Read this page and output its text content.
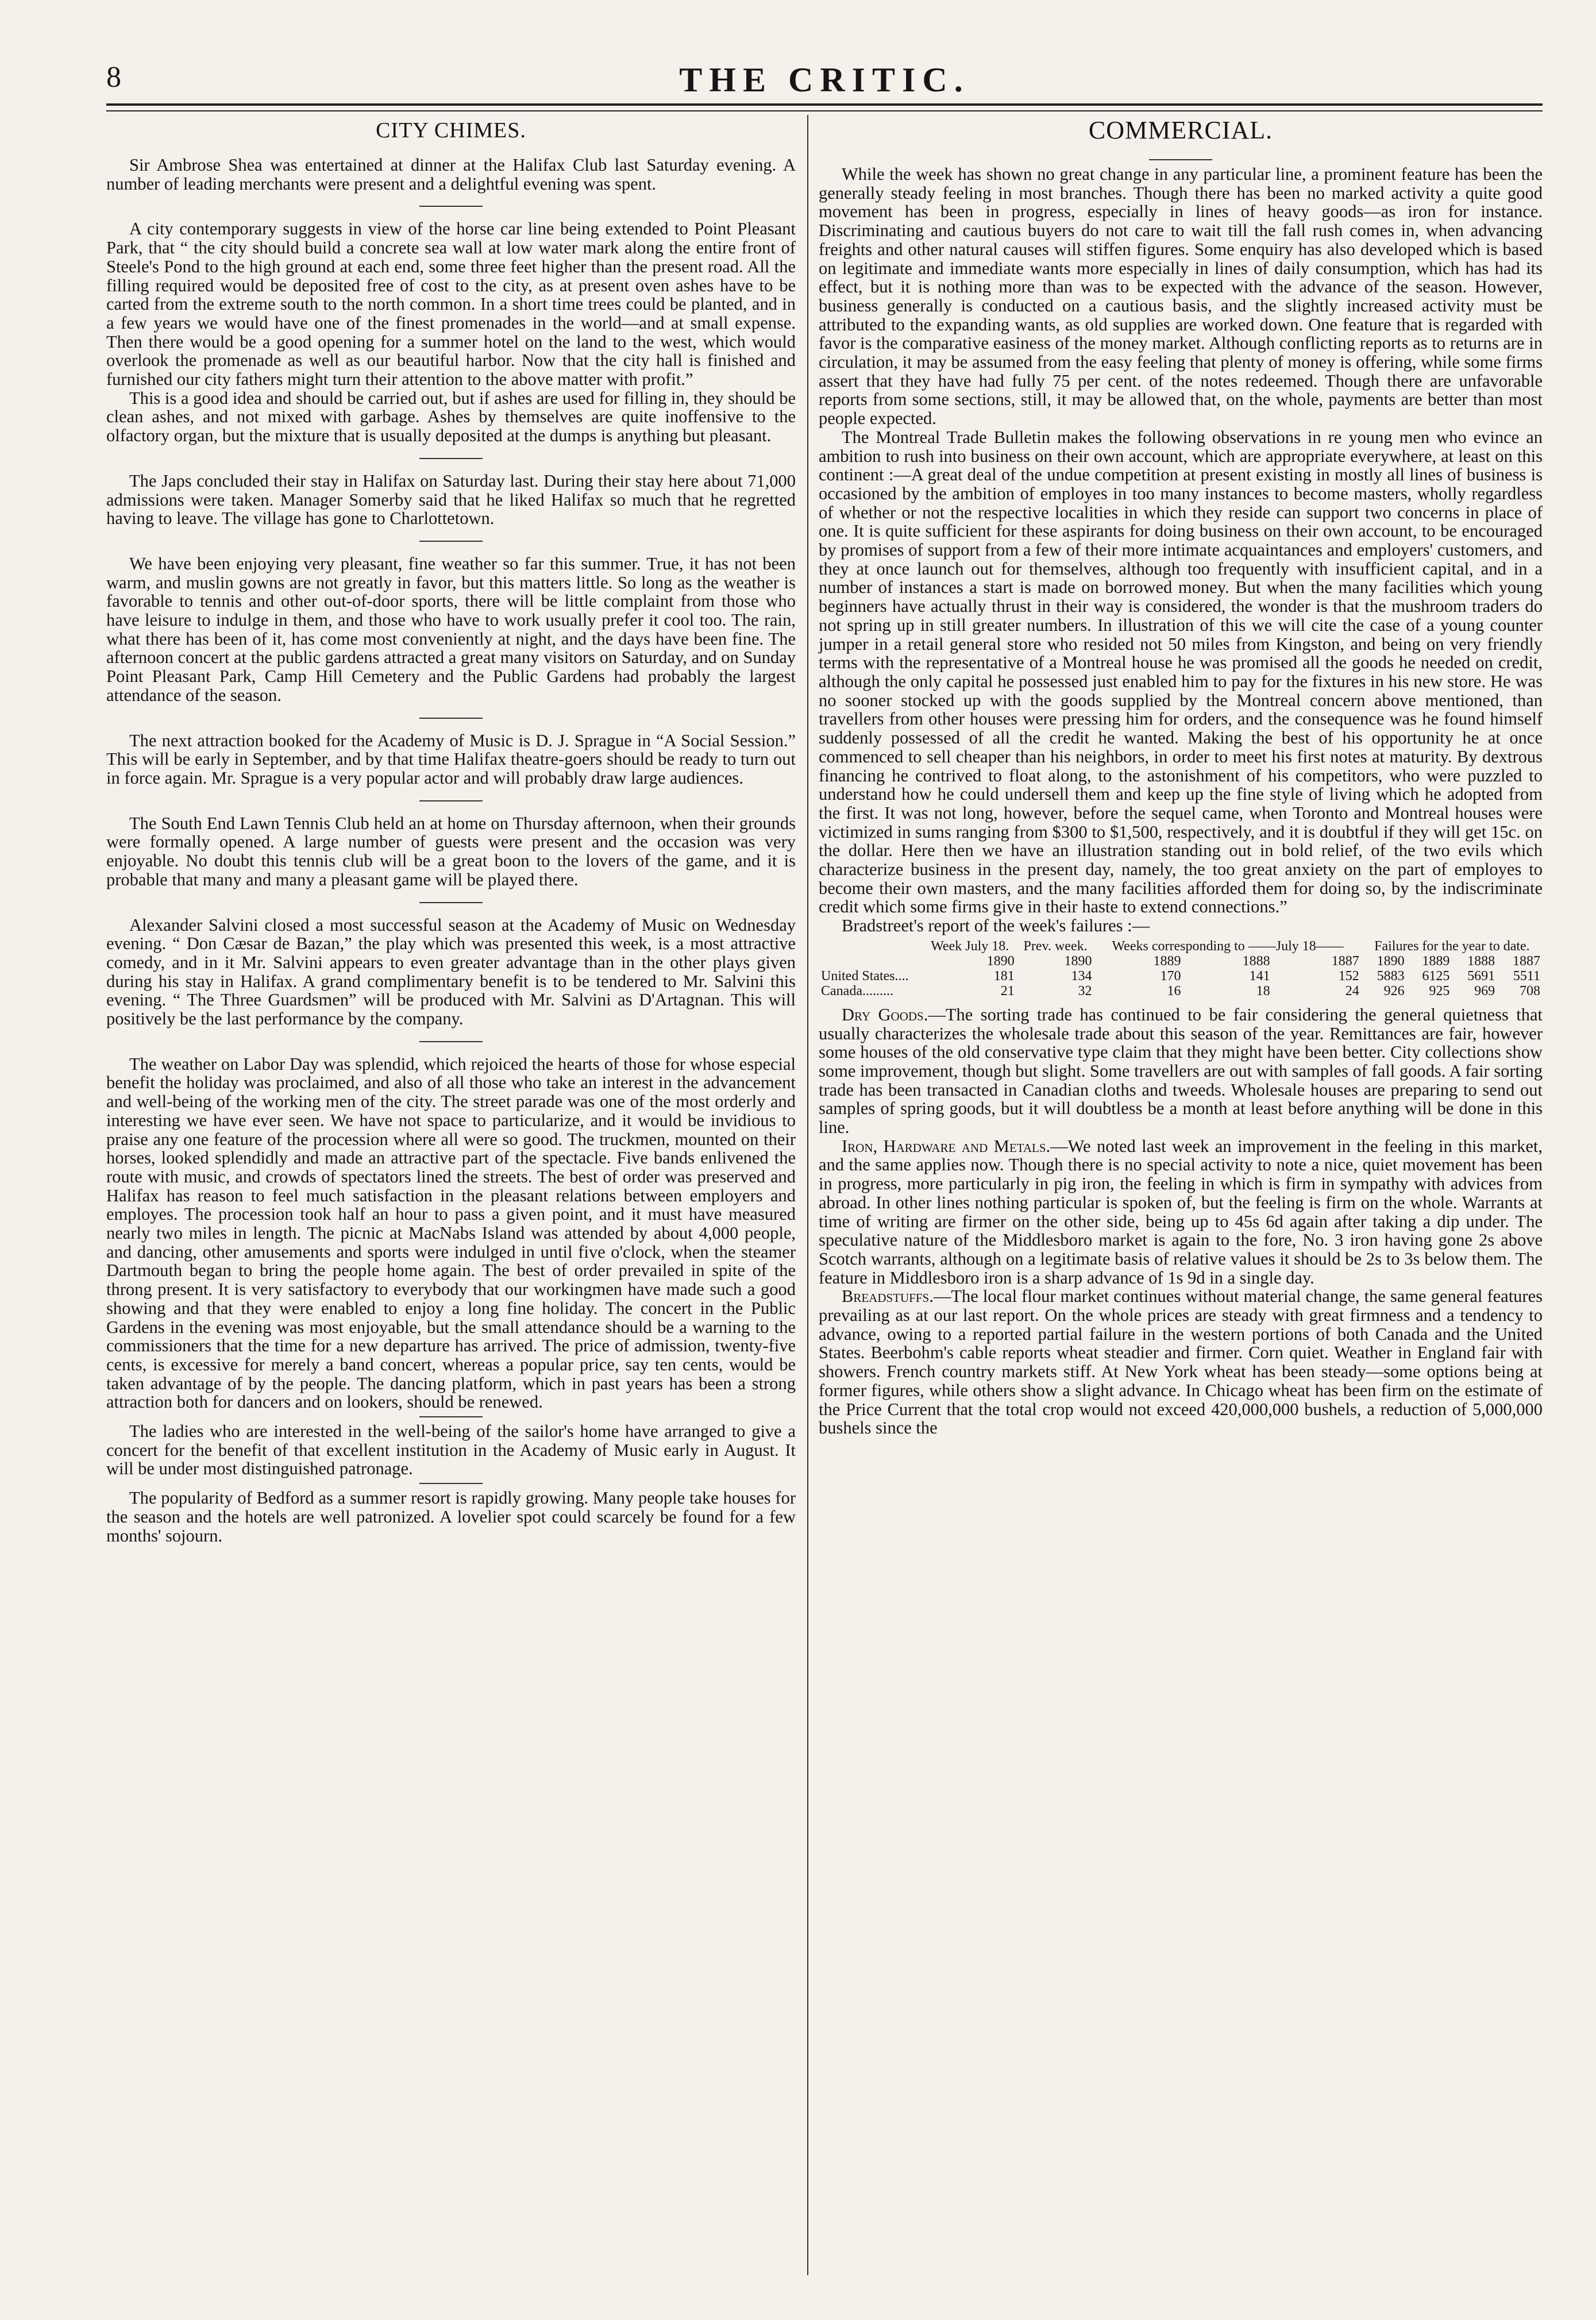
8	THE CRITIC.
CITY CHIMES.

Sir Ambrose Shea was entertained at dinner at the Halifax Club last Saturday evening. A number of leading merchants were present and a delightful evening was spent.

A city contemporary suggests in view of the horse car line being extended to Point Pleasant Park, that “ the city should build a concrete sea wall at low water mark along the entire front of Steele's Pond to the high ground at each end, some three feet higher than the present road. All the filling required would be deposited free of cost to the city, as at present oven ashes have to be carted from the extreme south to the north common. In a short time trees could be planted, and in a few years we would have one of the finest promenades in the world—and at small expense. Then there would be a good opening for a summer hotel on the land to the west, which would overlook the promenade as well as our beautiful harbor. Now that the city hall is finished and furnished our city fathers might turn their attention to the above matter with profit.”

This is a good idea and should be carried out, but if ashes are used for filling in, they should be clean ashes, and not mixed with garbage. Ashes by themselves are quite inoffensive to the olfactory organ, but the mixture that is usually deposited at the dumps is anything but pleasant.

The Japs concluded their stay in Halifax on Saturday last. During their stay here about 71,000 admissions were taken. Manager Somerby said that he liked Halifax so much that he regretted having to leave. The village has gone to Charlottetown.

We have been enjoying very pleasant, fine weather so far this summer. True, it has not been warm, and muslin gowns are not greatly in favor, but this matters little. So long as the weather is favorable to tennis and other out-of-door sports, there will be little complaint from those who have leisure to indulge in them, and those who have to work usually prefer it cool too. The rain, what there has been of it, has come most conveniently at night, and the days have been fine. The afternoon concert at the public gardens attracted a great many visitors on Saturday, and on Sunday Point Pleasant Park, Camp Hill Cemetery and the Public Gardens had probably the largest attendance of the season.

The next attraction booked for the Academy of Music is D. J. Sprague in “A Social Session.” This will be early in September, and by that time Halifax theatre-goers should be ready to turn out in force again. Mr. Sprague is a very popular actor and will probably draw large audiences.

The South End Lawn Tennis Club held an at home on Thursday afternoon, when their grounds were formally opened. A large number of guests were present and the occasion was very enjoyable. No doubt this tennis club will be a great boon to the lovers of the game, and it is probable that many and many a pleasant game will be played there.

Alexander Salvini closed a most successful season at the Academy of Music on Wednesday evening. “ Don Cæsar de Bazan,” the play which was presented this week, is a most attractive comedy, and in it Mr. Salvini appears to even greater advantage than in the other plays given during his stay in Halifax. A grand complimentary benefit is to be tendered to Mr. Salvini this evening. “ The Three Guardsmen” will be produced with Mr. Salvini as D'Artagnan. This will positively be the last performance by the company.

The weather on Labor Day was splendid, which rejoiced the hearts of those for whose especial benefit the holiday was proclaimed, and also of all those who take an interest in the advancement and well-being of the working men of the city. The street parade was one of the most orderly and interesting we have ever seen. We have not space to particularize, and it would be invidious to praise any one feature of the procession where all were so good. The truckmen, mounted on their horses, looked splendidly and made an attractive part of the spectacle. Five bands enlivened the route with music, and crowds of spectators lined the streets. The best of order was preserved and Halifax has reason to feel much satisfaction in the pleasant relations between employers and employes. The procession took half an hour to pass a given point, and it must have measured nearly two miles in length. The picnic at MacNabs Island was attended by about 4,000 people, and dancing, other amusements and sports were indulged in until five o'clock, when the steamer Dartmouth began to bring the people home again. The best of order prevailed in spite of the throng present. It is very satisfactory to everybody that our workingmen have made such a good showing and that they were enabled to enjoy a long fine holiday. The concert in the Public Gardens in the evening was most enjoyable, but the small attendance should be a warning to the commissioners that the time for a new departure has arrived. The price of admission, twenty-five cents, is excessive for merely a band concert, whereas a popular price, say ten cents, would be taken advantage of by the people. The dancing platform, which in past years has been a strong attraction both for dancers and on lookers, should be renewed.

The ladies who are interested in the well-being of the sailor's home have arranged to give a concert for the benefit of that excellent institution in the Academy of Music early in August. It will be under most distinguished patronage.

The popularity of Bedford as a summer resort is rapidly growing. Many people take houses for the season and the hotels are well patronized. A lovelier spot could scarcely be found for a few months' sojourn.

COMMERCIAL.

While the week has shown no great change in any particular line, a prominent feature has been the generally steady feeling in most branches. Though there has been no marked activity a quite good movement has been in progress, especially in lines of heavy goods—as iron for instance. Discriminating and cautious buyers do not care to wait till the fall rush comes in, when advancing freights and other natural causes will stiffen figures. Some enquiry has also developed which is based on legitimate and immediate wants more especially in lines of daily consumption, which has had its effect, but it is nothing more than was to be expected with the advance of the season. However, business generally is conducted on a cautious basis, and the slightly increased activity must be attributed to the expanding wants, as old supplies are worked down. One feature that is regarded with favor is the comparative easiness of the money market. Although conflicting reports as to returns are in circulation, it may be assumed from the easy feeling that plenty of money is offering, while some firms assert that they have had fully 75 per cent. of the notes redeemed. Though there are unfavorable reports from some sections, still, it may be allowed that, on the whole, payments are better than most people expected.

The Montreal Trade Bulletin makes the following observations in re young men who evince an ambition to rush into business on their own account, which are appropriate everywhere, at least on this continent :—A great deal of the undue competition at present existing in mostly all lines of business is occasioned by the ambition of employes in too many instances to become masters, wholly regardless of whether or not the respective localities in which they reside can support two concerns in place of one. It is quite sufficient for these aspirants for doing business on their own account, to be encouraged by promises of support from a few of their more intimate acquaintances and employers' customers, and they at once launch out for themselves, although too frequently with insufficient capital, and in a number of instances a start is made on borrowed money. But when the many facilities which young beginners have actually thrust in their way is considered, the wonder is that the mushroom traders do not spring up in still greater numbers. In illustration of this we will cite the case of a young counter jumper in a retail general store who resided not 50 miles from Kingston, and being on very friendly terms with the representative of a Montreal house he was promised all the goods he needed on credit, although the only capital he possessed just enabled him to pay for the fixtures in his new store. He was no sooner stocked up with the goods supplied by the Montreal concern above mentioned, than travellers from other houses were pressing him for orders, and the consequence was he found himself suddenly possessed of all the credit he wanted. Making the best of his opportunity he at once commenced to sell cheaper than his neighbors, in order to meet his first notes at maturity. By dextrous financing he contrived to float along, to the astonishment of his competitors, who were puzzled to understand how he could undersell them and keep up the fine style of living which he adopted from the first. It was not long, however, before the sequel came, when Toronto and Montreal houses were victimized in sums ranging from $300 to $1,500, respectively, and it is doubtful if they will get 15c. on the dollar. Here then we have an illustration standing out in bold relief, of the two evils which characterize business in the present day, namely, the too great anxiety on the part of employes to become their own masters, and the many facilities afforded them for doing so, by the indiscriminate credit which some firms give in their haste to extend connections.”

Bradstreet's report of the week's failures :—

	Week July 18.	Prev. week.	Weeks corresponding to ——July 18——			Failures for the year to date.			
	1890	1890	1889	1888	1887	1890	1889	1888	1887
United States....	181	134	170	141	152	5883	6125	5691	5511
Canada.........	21	32	16	18	24	926	925	969	708

Dry Goods.—The sorting trade has continued to be fair considering the general quietness that usually characterizes the wholesale trade about this season of the year. Remittances are fair, however some houses of the old conservative type claim that they might have been better. City collections show some improvement, though but slight. Some travellers are out with samples of fall goods. A fair sorting trade has been transacted in Canadian cloths and tweeds. Wholesale houses are preparing to send out samples of spring goods, but it will doubtless be a month at least before anything will be done in this line.

Iron, Hardware and Metals.—We noted last week an improvement in the feeling in this market, and the same applies now. Though there is no special activity to note a nice, quiet movement has been in progress, more particularly in pig iron, the feeling in which is firm in sympathy with advices from abroad. In other lines nothing particular is spoken of, but the feeling is firm on the whole. Warrants at time of writing are firmer on the other side, being up to 45s 6d again after taking a dip under. The speculative nature of the Middlesboro market is again to the fore, No. 3 iron having gone 2s above Scotch warrants, although on a legitimate basis of relative values it should be 2s to 3s below them. The feature in Middlesboro iron is a sharp advance of 1s 9d in a single day.

Breadstuffs.—The local flour market continues without material change, the same general features prevailing as at our last report. On the whole prices are steady with great firmness and a tendency to advance, owing to a reported partial failure in the western portions of both Canada and the United States. Beerbohm's cable reports wheat steadier and firmer. Corn quiet. Weather in England fair with showers. French country markets stiff. At New York wheat has been steady—some options being at former figures, while others show a slight advance. In Chicago wheat has been firm on the estimate of the Price Current that the total crop would not exceed 420,000,000 bushels, a reduction of 5,000,000 bushels since the
